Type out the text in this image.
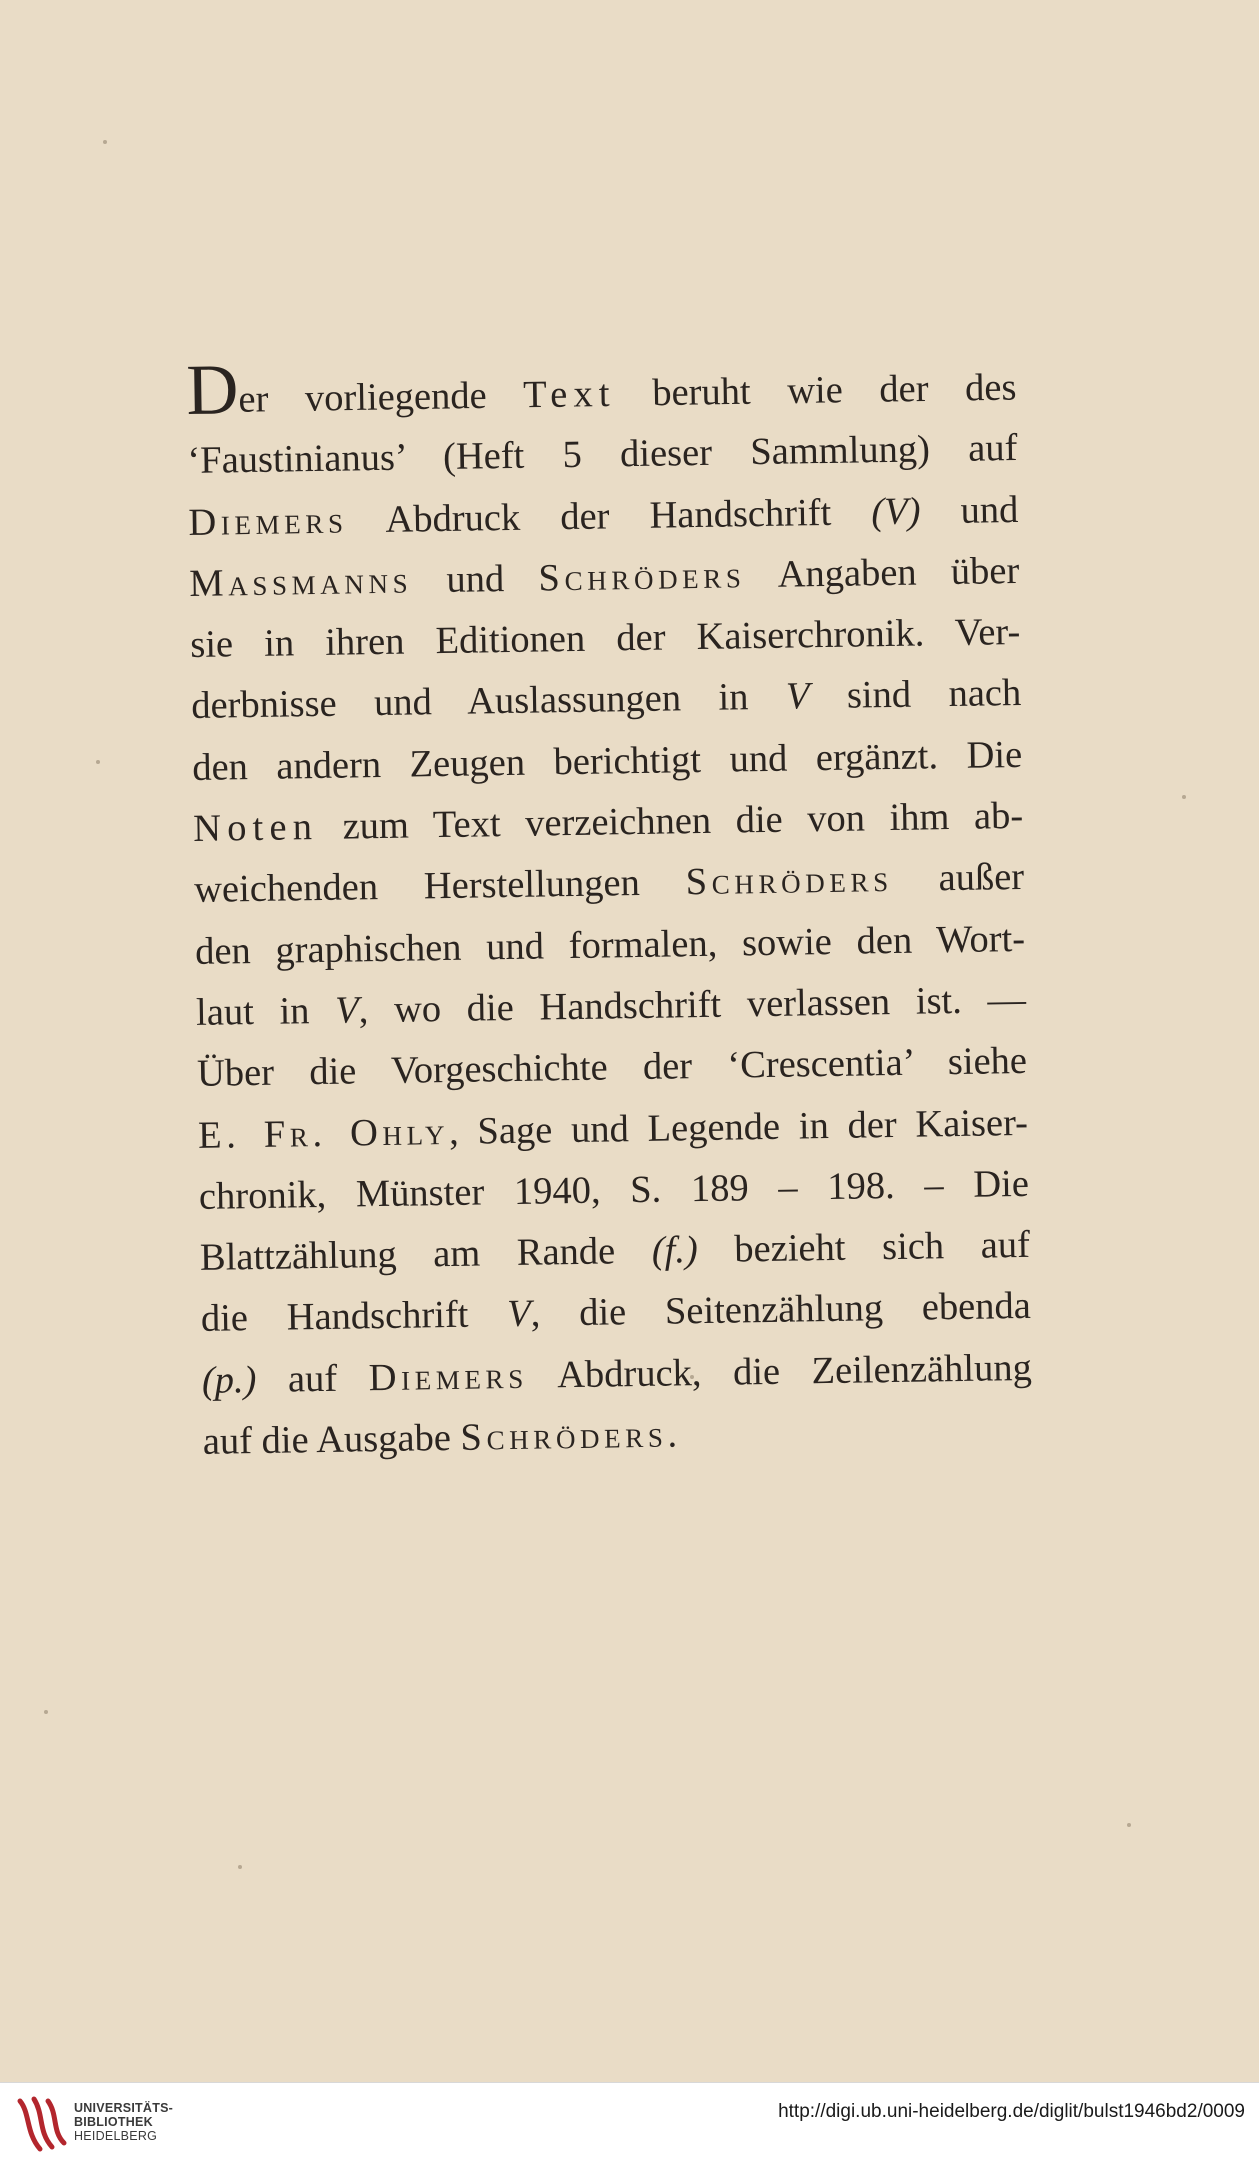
Der vorliegende Text beruht wie der des
‘Faustinianus’ (Heft 5 dieser Sammlung) auf
Diemers Abdruck der Handschrift (V) und
Massmanns und Schröders Angaben über
sie in ihren Editionen der Kaiserchronik. Ver-
derbnisse und Auslassungen in V sind nach
den andern Zeugen berichtigt und ergänzt. Die
Noten zum Text verzeichnen die von ihm ab-
weichenden Herstellungen Schröders außer
den graphischen und formalen, sowie den Wort-
laut in V, wo die Handschrift verlassen ist. —
Über die Vorgeschichte der ‘Crescentia’ siehe
E. Fr. Ohly, Sage und Legende in der Kaiser-
chronik, Münster 1940, S. 189 – 198. – Die
Blattzählung am Rande (f.) bezieht sich auf
die Handschrift V, die Seitenzählung ebenda
(p.) auf Diemers Abdruck, die Zeilenzählung
auf die Ausgabe Schröders.
UNIVERSITÄTS-
BIBLIOTHEK
HEIDELBERG
http://digi.ub.uni-heidelberg.de/diglit/bulst1946bd2/0009
